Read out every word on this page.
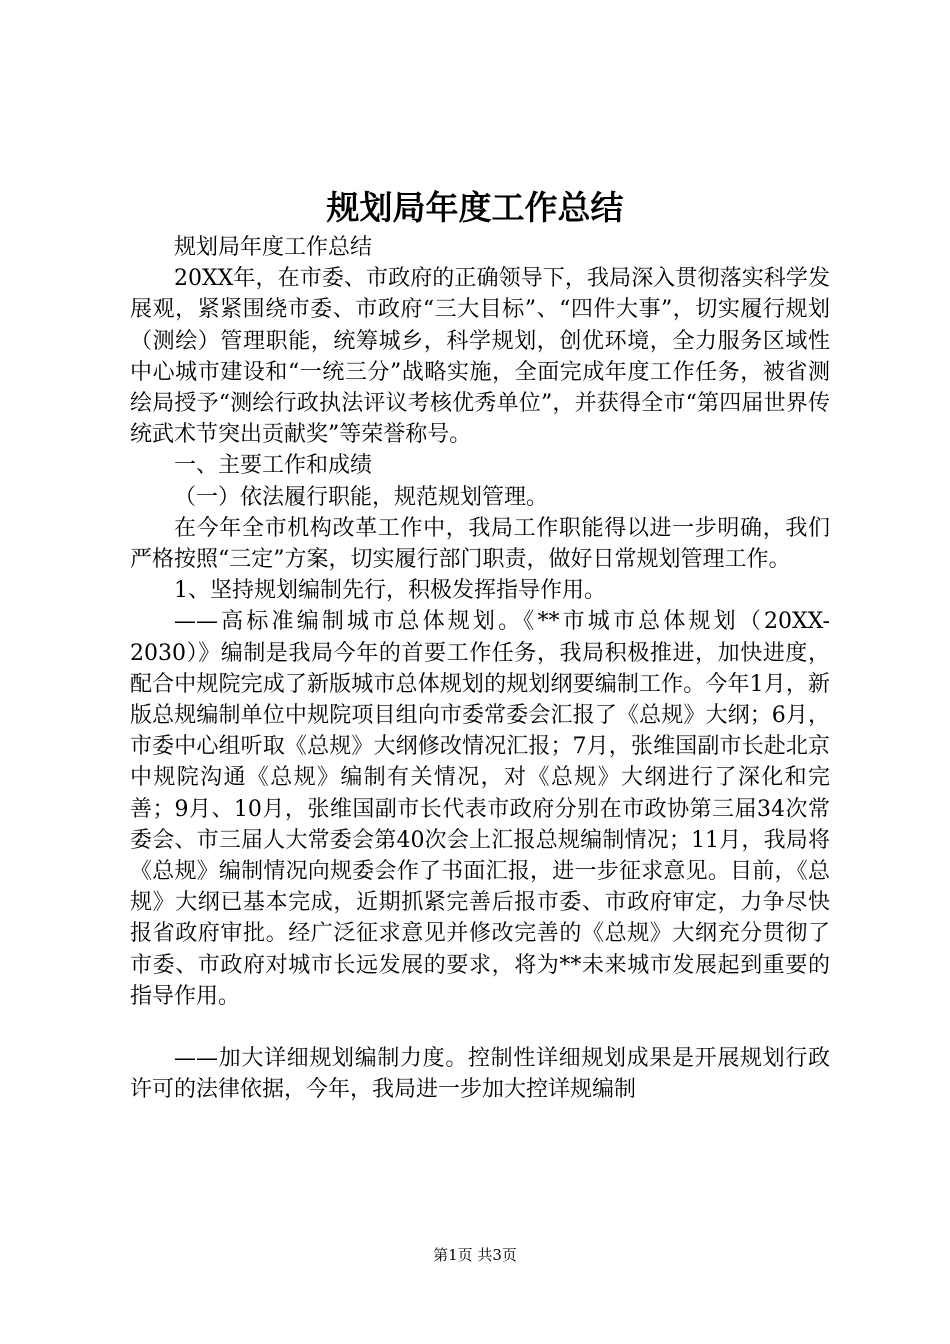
规划局年度工作总结

规划局年度工作总结

20XX年，在市委、市政府的正确领导下，我局深入贯彻落实科学发展观，紧紧围绕市委、市政府“三大目标”、“四件大事”，切实履行规划（测绘）管理职能，统筹城乡，科学规划，创优环境，全力服务区域性中心城市建设和“一统三分”战略实施，全面完成年度工作任务，被省测绘局授予“测绘行政执法评议考核优秀单位”，并获得全市“第四届世界传统武术节突出贡献奖”等荣誉称号。

一、主要工作和成绩

（一）依法履行职能，规范规划管理。

在今年全市机构改革工作中，我局工作职能得以进一步明确，我们严格按照“三定”方案，切实履行部门职责，做好日常规划管理工作。

1、坚持规划编制先行，积极发挥指导作用。

——高标准编制城市总体规划。《**市城市总体规划（20XX-2030）》编制是我局今年的首要工作任务，我局积极推进，加快进度，配合中规院完成了新版城市总体规划的规划纲要编制工作。今年1月，新版总规编制单位中规院项目组向市委常委会汇报了《总规》大纲；6月，市委中心组听取《总规》大纲修改情况汇报；7月，张维国副市长赴北京中规院沟通《总规》编制有关情况，对《总规》大纲进行了深化和完善；9月、10月，张维国副市长代表市政府分别在市政协第三届34次常委会、市三届人大常委会第40次会上汇报总规编制情况；11月，我局将《总规》编制情况向规委会作了书面汇报，进一步征求意见。目前，《总规》大纲已基本完成，近期抓紧完善后报市委、市政府审定，力争尽快报省政府审批。经广泛征求意见并修改完善的《总规》大纲充分贯彻了市委、市政府对城市长远发展的要求，将为**未来城市发展起到重要的指导作用。

——加大详细规划编制力度。控制性详细规划成果是开展规划行政许可的法律依据，今年，我局进一步加大控详规编制

第1页 共3页
